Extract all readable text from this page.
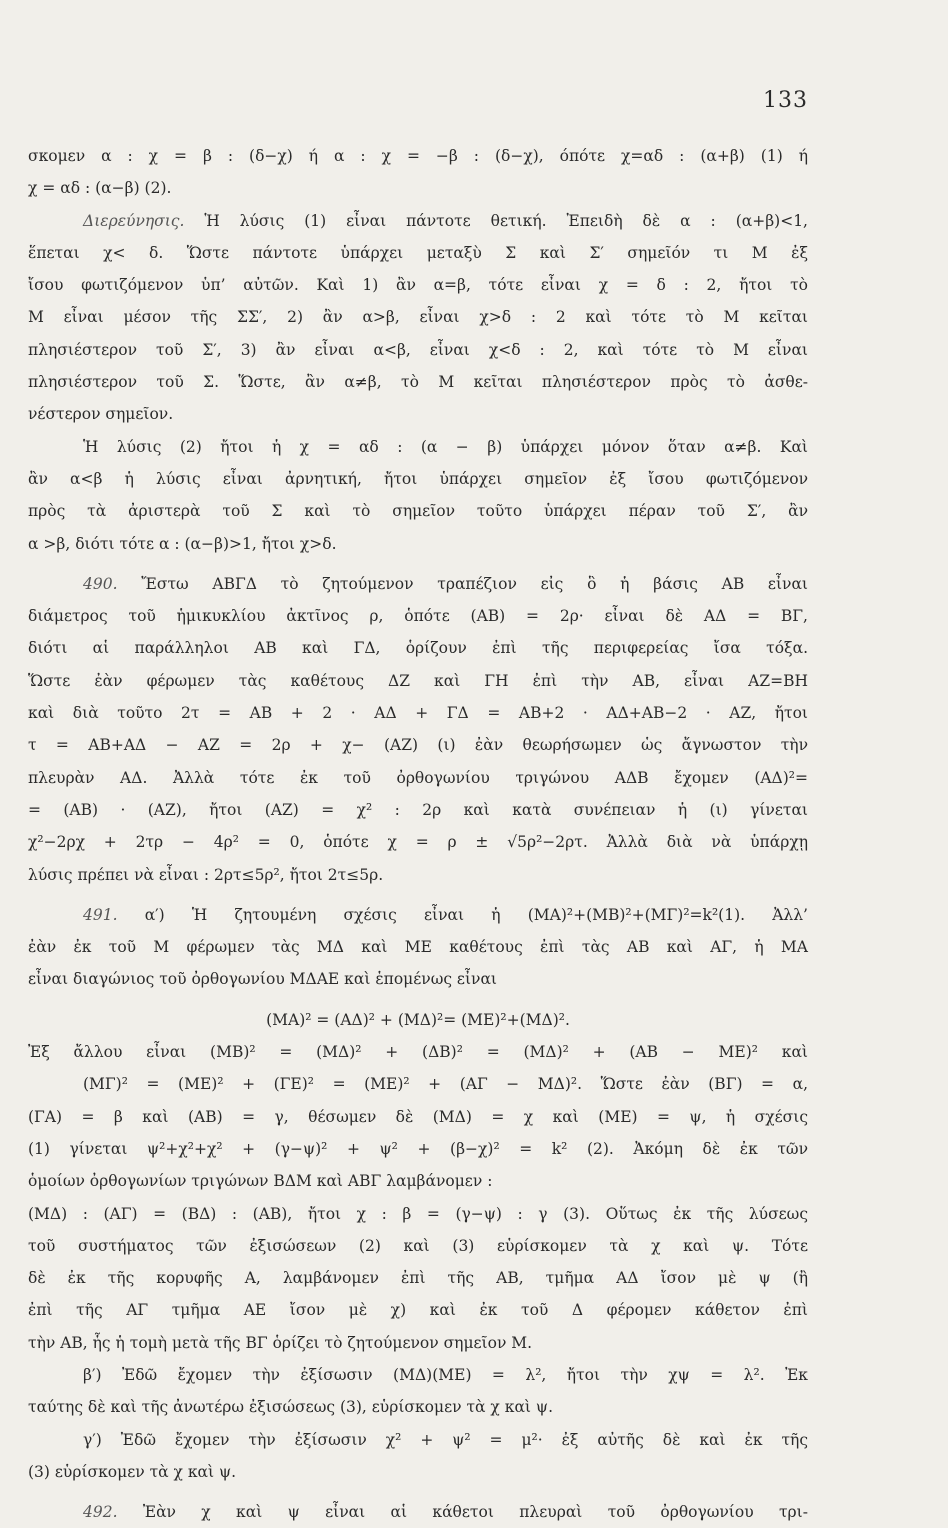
133
σκομεν α : χ = β : (δ−χ) ή α : χ = −β : (δ−χ), όπότε χ=αδ : (α+β) (1) ή
χ = αδ : (α−β) (2).
Διερεύνησις. Ἡ λύσις (1) εἶναι πάντοτε θετική. Ἐπειδὴ δὲ α : (α+β)<1,
ἕπεται χ< δ. Ὥστε πάντοτε ὑπάρχει μεταξὺ Σ καὶ Σ′ σημεῖόν τι Μ ἐξ
ἴσου φωτιζόμενον ὑπ’ αὐτῶν. Καὶ 1) ἂν α=β, τότε εἶναι χ = δ : 2, ἤτοι τὸ
Μ εἶναι μέσον τῆς ΣΣ′, 2) ἂν α>β, εἶναι χ>δ : 2 καὶ τότε τὸ Μ κεῖται
πλησιέστερον τοῦ Σ′, 3) ἂν εἶναι α<β, εἶναι χ<δ : 2, καὶ τότε τὸ Μ εἶναι
πλησιέστερον τοῦ Σ. Ὥστε, ἂν α≠β, τὸ Μ κεῖται πλησιέστερον πρὸς τὸ ἀσθε-
νέστερον σημεῖον.
Ἡ λύσις (2) ἤτοι ἡ χ = αδ : (α − β) ὑπάρχει μόνον ὅταν α≠β. Καὶ
ἂν α<β ἡ λύσις εἶναι ἀρνητική, ἤτοι ὑπάρχει σημεῖον ἐξ ἴσου φωτιζόμενον
πρὸς τὰ ἀριστερὰ τοῦ Σ καὶ τὸ σημεῖον τοῦτο ὑπάρχει πέραν τοῦ Σ′, ἂν
α >β, διότι τότε α : (α−β)>1, ἤτοι χ>δ.
490. Ἔστω ΑΒΓΔ τὸ ζητούμενον τραπέζιον εἰς ὃ ἡ βάσις ΑΒ εἶναι
διάμετρος τοῦ ἡμικυκλίου ἀκτῖνος ρ, ὁπότε (ΑΒ) = 2ρ· εἶναι δὲ ΑΔ = ΒΓ,
διότι αἱ παράλληλοι ΑΒ καὶ ΓΔ, ὁρίζουν ἐπὶ τῆς περιφερείας ἴσα τόξα.
Ὥστε ἐὰν φέρωμεν τὰς καθέτους ΔΖ καὶ ΓΗ ἐπὶ τὴν ΑΒ, εἶναι ΑΖ=ΒΗ
καὶ διὰ τοῦτο 2τ = ΑΒ + 2 · ΑΔ + ΓΔ = ΑΒ+2 · ΑΔ+ΑΒ−2 · ΑΖ, ἤτοι
τ = ΑΒ+ΑΔ − ΑΖ = 2ρ + χ− (ΑΖ) (ι) ἐὰν θεωρήσωμεν ὡς ἄγνωστον τὴν
πλευρὰν ΑΔ. Ἀλλὰ τότε ἐκ τοῦ ὀρθογωνίου τριγώνου ΑΔΒ ἔχομεν (ΑΔ)²=
= (ΑΒ) · (ΑΖ), ἤτοι (ΑΖ) = χ² : 2ρ καὶ κατὰ συνέπειαν ἡ (ι) γίνεται
χ²−2ρχ + 2τρ − 4ρ² = 0, ὁπότε χ = ρ ± √5ρ²−2ρτ. Ἀλλὰ διὰ νὰ ὑπάρχῃ
λύσις πρέπει νὰ εἶναι : 2ρτ≤5ρ², ἤτοι 2τ≤5ρ.
491. α′) Ἡ ζητουμένη σχέσις εἶναι ἡ (ΜΑ)²+(ΜΒ)²+(ΜΓ)²=k²(1). Ἀλλ’
ἐὰν ἐκ τοῦ Μ φέρωμεν τὰς ΜΔ καὶ ΜΕ καθέτους ἐπὶ τὰς ΑΒ καὶ ΑΓ, ἡ ΜΑ
εἶναι διαγώνιος τοῦ ὀρθογωνίου ΜΔΑΕ καὶ ἑπομένως εἶναι
(ΜΑ)² = (ΑΔ)² + (ΜΔ)²= (ΜΕ)²+(ΜΔ)².
Ἐξ ἄλλου εἶναι (ΜΒ)² = (ΜΔ)² + (ΔΒ)² = (ΜΔ)² + (ΑΒ − ΜΕ)² καὶ
(ΜΓ)² = (ΜΕ)² + (ΓΕ)² = (ΜΕ)² + (ΑΓ − ΜΔ)². Ὥστε ἐὰν (ΒΓ) = α,
(ΓΑ) = β καὶ (ΑΒ) = γ, θέσωμεν δὲ (ΜΔ) = χ καὶ (ΜΕ) = ψ, ἡ σχέσις
(1) γίνεται ψ²+χ²+χ² + (γ−ψ)² + ψ² + (β−χ)² = k² (2). Ἀκόμη δὲ ἐκ τῶν
ὁμοίων ὀρθογωνίων τριγώνων ΒΔΜ καὶ ΑΒΓ λαμβάνομεν :
(ΜΔ) : (ΑΓ) = (ΒΔ) : (ΑΒ), ἤτοι χ : β = (γ−ψ) : γ (3). Οὕτως ἐκ τῆς λύσεως
τοῦ συστήματος τῶν ἐξισώσεων (2) καὶ (3) εὑρίσκομεν τὰ χ καὶ ψ. Τότε
δὲ ἐκ τῆς κορυφῆς Α, λαμβάνομεν ἐπὶ τῆς ΑΒ, τμῆμα ΑΔ ἴσον μὲ ψ (ἢ
ἐπὶ τῆς ΑΓ τμῆμα ΑΕ ἴσον μὲ χ) καὶ ἐκ τοῦ Δ φέρομεν κάθετον ἐπὶ
τὴν ΑΒ, ἧς ἡ τομὴ μετὰ τῆς ΒΓ ὁρίζει τὸ ζητούμενον σημεῖον Μ.
β′) Ἐδῶ ἔχομεν τὴν ἐξίσωσιν (ΜΔ)(ΜΕ) = λ², ἤτοι τὴν χψ = λ². Ἐκ
ταύτης δὲ καὶ τῆς ἀνωτέρω ἐξισώσεως (3), εὑρίσκομεν τὰ χ καὶ ψ.
γ′) Ἐδῶ ἔχομεν τὴν ἐξίσωσιν χ² + ψ² = μ²· ἐξ αὐτῆς δὲ καὶ ἐκ τῆς
(3) εὑρίσκομεν τὰ χ καὶ ψ.
492. Ἐὰν χ καὶ ψ εἶναι αἱ κάθετοι πλευραὶ τοῦ ὀρθογωνίου τρι-
